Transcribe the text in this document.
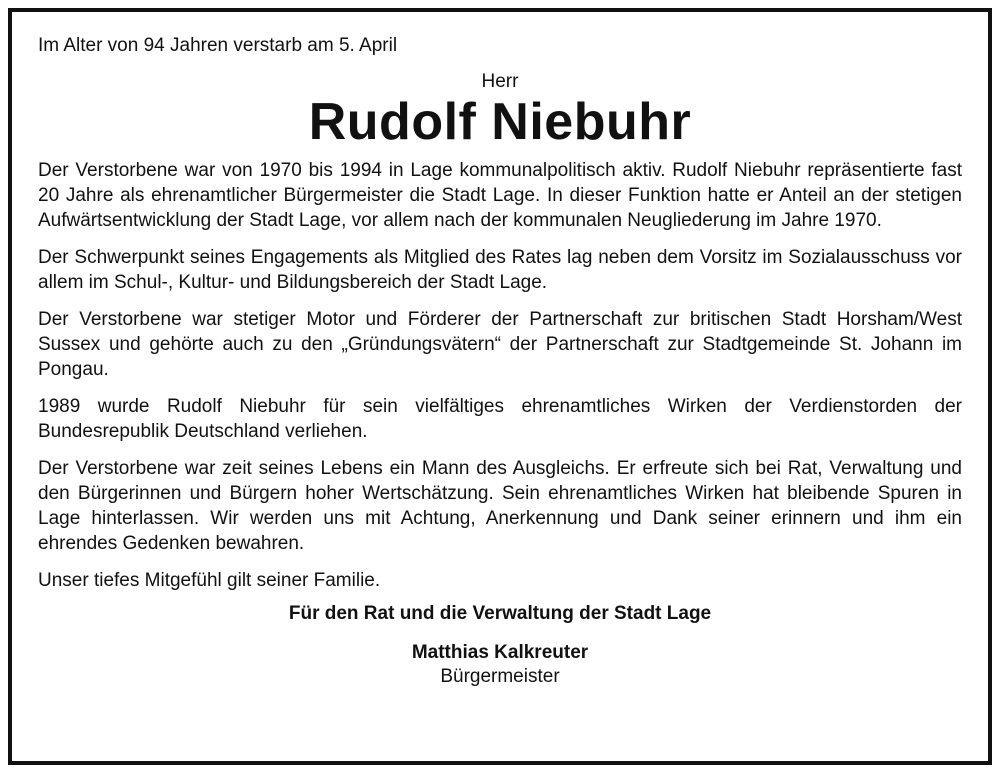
Im Alter von 94 Jahren verstarb am 5. April

Herr

Rudolf Niebuhr

Der Verstorbene war von 1970 bis 1994 in Lage kommunalpolitisch aktiv. Rudolf Niebuhr repräsentierte fast 20 Jahre als ehrenamtlicher Bürgermeister die Stadt Lage. In dieser Funktion hatte er Anteil an der stetigen Aufwärtsentwicklung der Stadt Lage, vor allem nach der kommunalen Neugliederung im Jahre 1970.

Der Schwerpunkt seines Engagements als Mitglied des Rates lag neben dem Vorsitz im Sozialausschuss vor allem im Schul-, Kultur- und Bildungsbereich der Stadt Lage.

Der Verstorbene war stetiger Motor und Förderer der Partnerschaft zur britischen Stadt Horsham/West Sussex und gehörte auch zu den „Gründungsvätern“ der Partnerschaft zur Stadtgemeinde St. Johann im Pongau.

1989 wurde Rudolf Niebuhr für sein vielfältiges ehrenamtliches Wirken der Verdienstorden der Bundesrepublik Deutschland verliehen.

Der Verstorbene war zeit seines Lebens ein Mann des Ausgleichs. Er erfreute sich bei Rat, Verwaltung und den Bürgerinnen und Bürgern hoher Wertschätzung. Sein ehrenamtliches Wirken hat bleibende Spuren in Lage hinterlassen. Wir werden uns mit Achtung, Anerkennung und Dank seiner erinnern und ihm ein ehrendes Gedenken bewahren.

Unser tiefes Mitgefühl gilt seiner Familie.

Für den Rat und die Verwaltung der Stadt Lage

Matthias Kalkreuter

Bürgermeister
